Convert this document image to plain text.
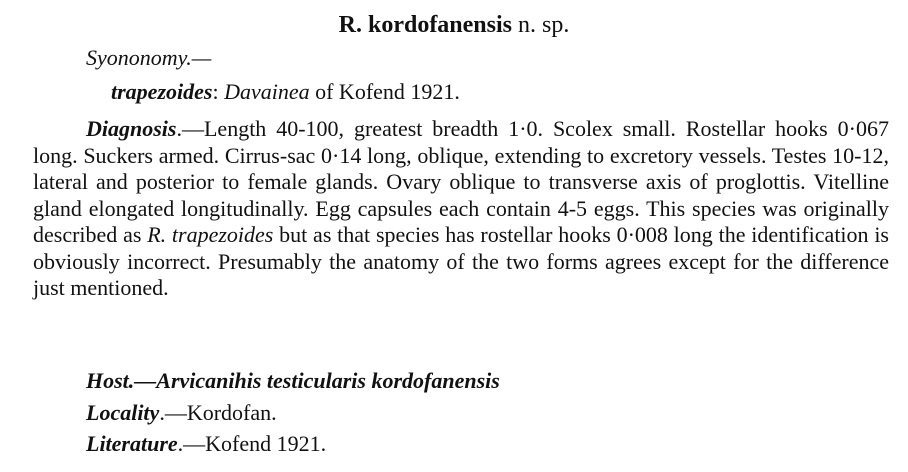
R. kordofanensis n. sp.
Syononomy.—
trapezoides: Davainea of Kofend 1921.
Diagnosis.—Length 40-100, greatest breadth 1·0. Scolex small. Rostellar hooks 0·067 long. Suckers armed. Cirrus-sac 0·14 long, oblique, extending to excretory vessels. Testes 10-12, lateral and posterior to female glands. Ovary oblique to transverse axis of proglottis. Vitelline gland elongated longitudinally. Egg capsules each contain 4-5 eggs. This species was originally described as R. trapezoides but as that species has rostellar hooks 0·008 long the identification is obviously incorrect. Presumably the anatomy of the two forms agrees except for the difference just mentioned.
Host.—Arvicanihis testicularis kordofanensis
Locality.—Kordofan.
Literature.—Kofend 1921.
